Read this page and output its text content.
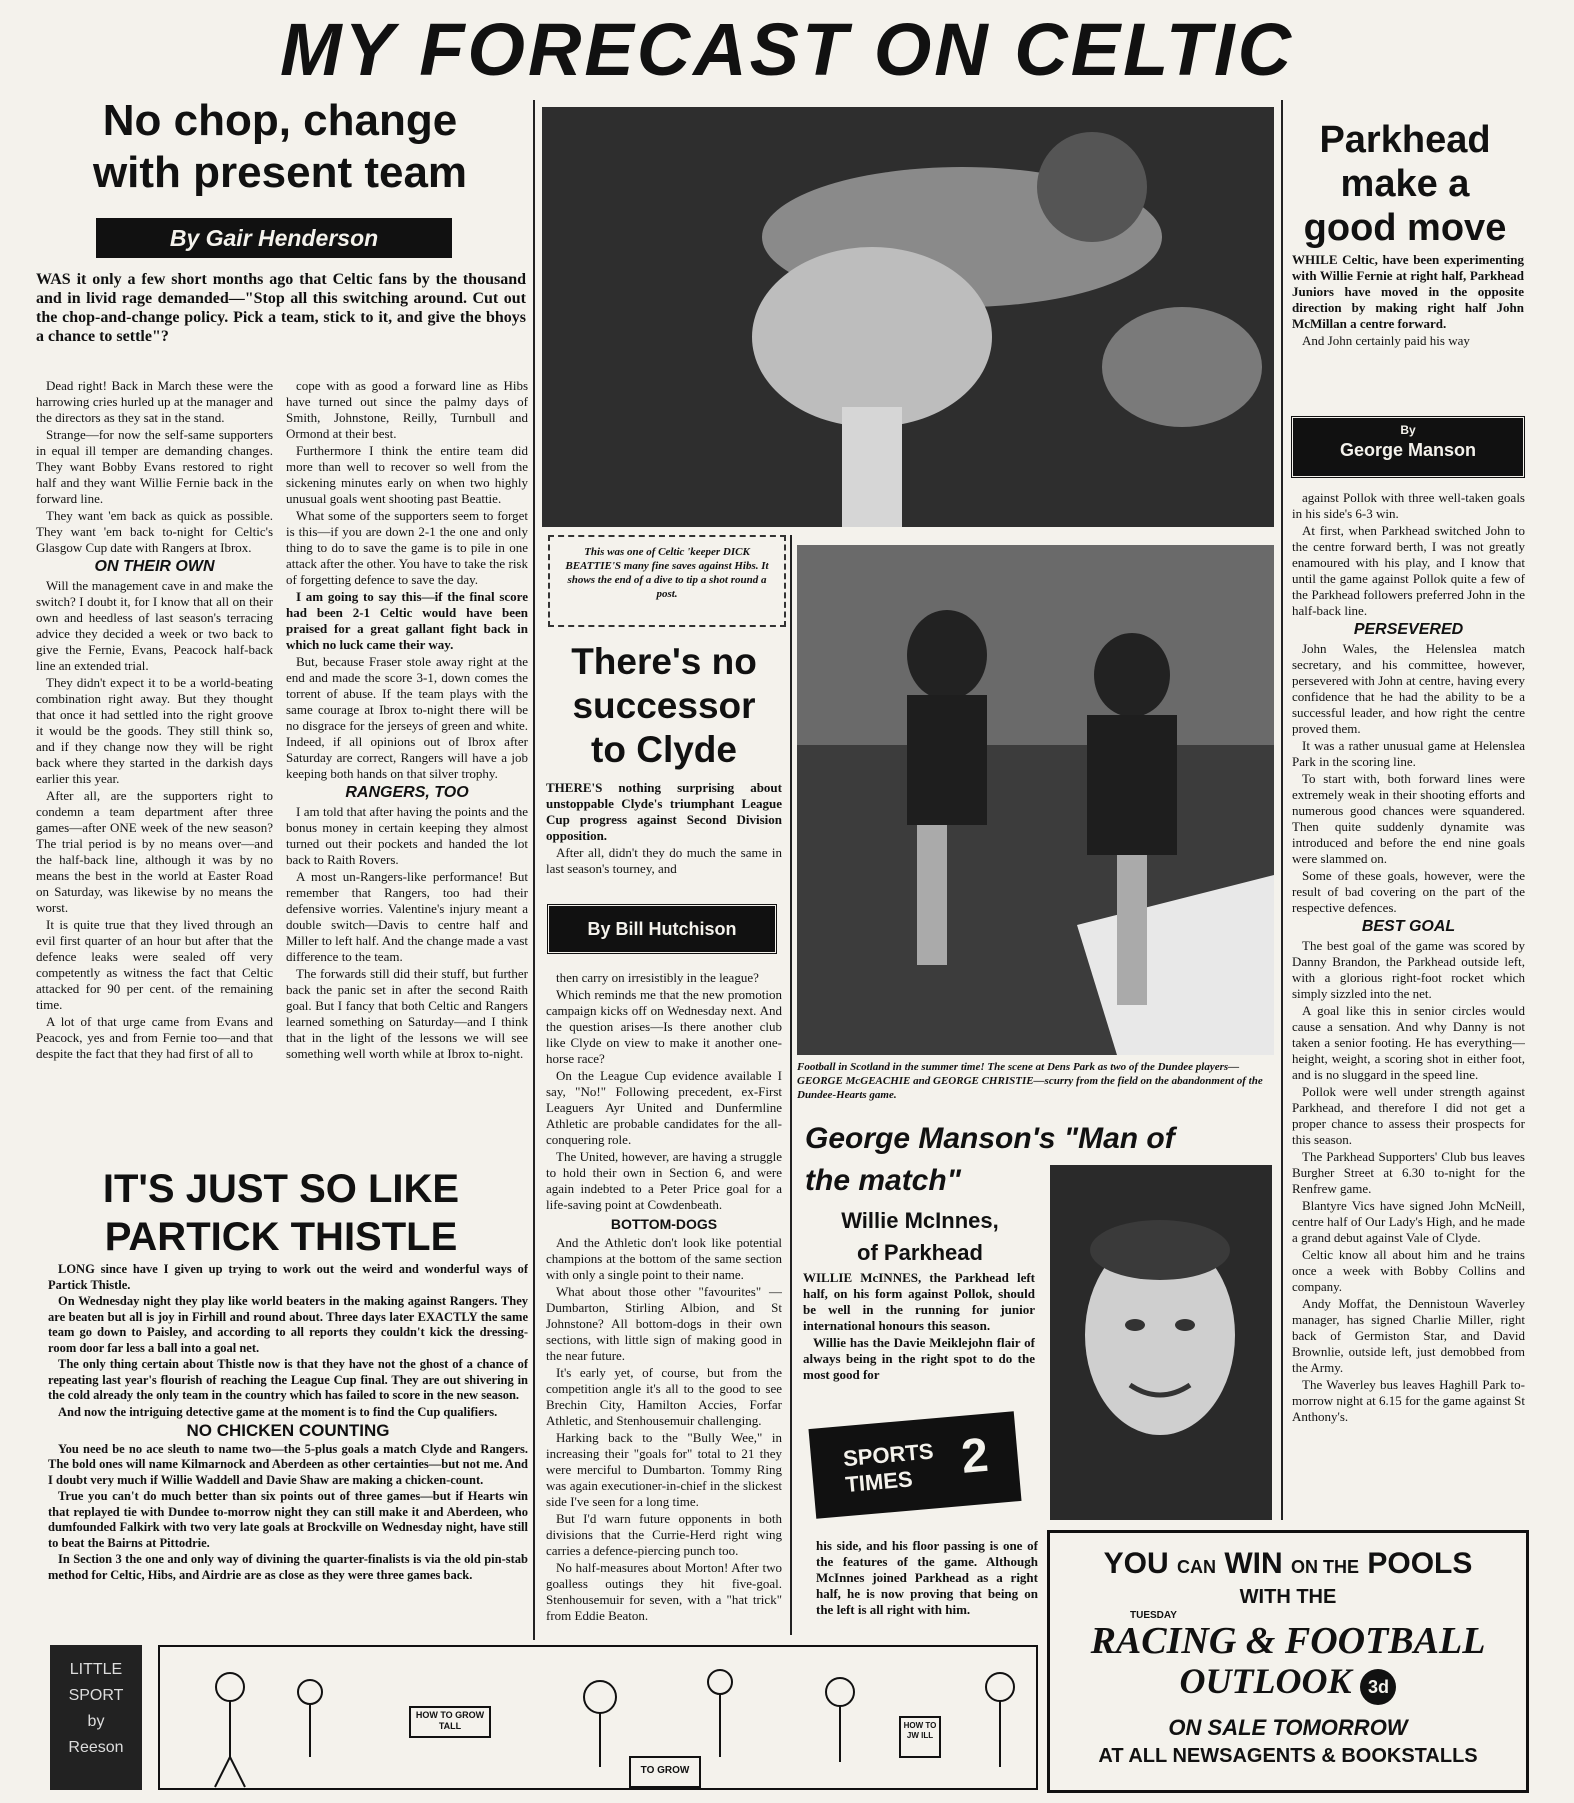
MY FORECAST ON CELTIC
No chop, change
with present team
By Gair Henderson
WAS it only a few short months ago that Celtic fans by the thousand and in livid rage demanded—"Stop all this switching around. Cut out the chop-and-change policy. Pick a team, stick to it, and give the bhoys a chance to settle"?

Dead right! Back in March these were the harrowing cries hurled up at the manager and the directors as they sat in the stand.

Strange—for now the self-same supporters in equal ill temper are demanding changes. They want Bobby Evans restored to right half and they want Willie Fernie back in the forward line.

They want 'em back as quick as possible. They want 'em back to-night for Celtic's Glasgow Cup date with Rangers at Ibrox.

ON THEIR OWN

Will the management cave in and make the switch? I doubt it, for I know that all on their own and heedless of last season's terracing advice they decided a week or two back to give the Fernie, Evans, Peacock half-back line an extended trial.

They didn't expect it to be a world-beating combination right away. But they thought that once it had settled into the right groove it would be the goods. They still think so, and if they change now they will be right back where they started in the darkish days earlier this year.

After all, are the supporters right to condemn a team department after three games—after ONE week of the new season? The trial period is by no means over—and the half-back line, although it was by no means the best in the world at Easter Road on Saturday, was likewise by no means the worst.

It is quite true that they lived through an evil first quarter of an hour but after that the defence leaks were sealed off very competently as witness the fact that Celtic attacked for 90 per cent. of the remaining time.

A lot of that urge came from Evans and Peacock, yes and from Fernie too—and that despite the fact that they had first of all to

cope with as good a forward line as Hibs have turned out since the palmy days of Smith, Johnstone, Reilly, Turnbull and Ormond at their best.

Furthermore I think the entire team did more than well to recover so well from the sickening minutes early on when two highly unusual goals went shooting past Beattie.

What some of the supporters seem to forget is this—if you are down 2-1 the one and only thing to do to save the game is to pile in one attack after the other. You have to take the risk of forgetting defence to save the day.

I am going to say this—if the final score had been 2-1 Celtic would have been praised for a great gallant fight back in which no luck came their way.

But, because Fraser stole away right at the end and made the score 3-1, down comes the torrent of abuse. If the team plays with the same courage at Ibrox to-night there will be no disgrace for the jerseys of green and white. Indeed, if all opinions out of Ibrox after Saturday are correct, Rangers will have a job keeping both hands on that silver trophy.

RANGERS, TOO

I am told that after having the points and the bonus money in certain keeping they almost turned out their pockets and handed the lot back to Raith Rovers.

A most un-Rangers-like performance! But remember that Rangers, too had their defensive worries. Valentine's injury meant a double switch—Davis to centre half and Miller to left half. And the change made a vast difference to the team.

The forwards still did their stuff, but further back the panic set in after the second Raith goal. But I fancy that both Celtic and Rangers learned something on Saturday—and I think that in the light of the lessons we will see something well worth while at Ibrox to-night.

IT'S JUST SO LIKE
PARTICK THISTLE

LONG since have I given up trying to work out the weird and wonderful ways of Partick Thistle.

On Wednesday night they play like world beaters in the making against Rangers. They are beaten but all is joy in Firhill and round about. Three days later EXACTLY the same team go down to Paisley, and according to all reports they couldn't kick the dressing-room door far less a ball into a goal net.

The only thing certain about Thistle now is that they have not the ghost of a chance of repeating last year's flourish of reaching the League Cup final. They are out shivering in the cold already the only team in the country which has failed to score in the new season.

And now the intriguing detective game at the moment is to find the Cup qualifiers.

NO CHICKEN COUNTING

You need be no ace sleuth to name two—the 5-plus goals a match Clyde and Rangers. The bold ones will name Kilmarnock and Aberdeen as other certainties—but not me. And I doubt very much if Willie Waddell and Davie Shaw are making a chicken-count.

True you can't do much better than six points out of three games—but if Hearts win that replayed tie with Dundee to-morrow night they can still make it and Aberdeen, who dumfounded Falkirk with two very late goals at Brockville on Wednesday night, have still to beat the Bairns at Pittodrie.

In Section 3 the one and only way of divining the quarter-finalists is via the old pin-stab method for Celtic, Hibs, and Airdrie are as close as they were three games back.

This was one of Celtic 'keeper DICK BEATTIE'S many fine saves against Hibs. It shows the end of a dive to tip a shot round a post.
There's no
successor
to Clyde

THERE'S nothing surprising about unstoppable Clyde's triumphant League Cup progress against Second Division opposition.

After all, didn't they do much the same in last season's tourney, and

By Bill Hutchison

then carry on irresistibly in the league?

Which reminds me that the new promotion campaign kicks off on Wednesday next. And the question arises—Is there another club like Clyde on view to make it another one-horse race?

On the League Cup evidence available I say, "No!" Following precedent, ex-First Leaguers Ayr United and Dunfermline Athletic are probable candidates for the all-conquering role.

The United, however, are having a struggle to hold their own in Section 6, and were again indebted to a Peter Price goal for a life-saving point at Cowdenbeath.

BOTTOM-DOGS

And the Athletic don't look like potential champions at the bottom of the same section with only a single point to their name.

What about those other "favourites" —Dumbarton, Stirling Albion, and St Johnstone? All bottom-dogs in their own sections, with little sign of making good in the near future.

It's early yet, of course, but from the competition angle it's all to the good to see Brechin City, Hamilton Accies, Forfar Athletic, and Stenhousemuir challenging.

Harking back to the "Bully Wee," in increasing their "goals for" total to 21 they were merciful to Dumbarton. Tommy Ring was again executioner-in-chief in the slickest side I've seen for a long time.

But I'd warn future opponents in both divisions that the Currie-Herd right wing carries a defence-piercing punch too.

No half-measures about Morton! After two goalless outings they hit five-goal. Stenhousemuir for seven, with a "hat trick" from Eddie Beaton.

Football in Scotland in the summer time! The scene at Dens Park as two of the Dundee players—GEORGE McGEACHIE and GEORGE CHRISTIE—scurry from the field on the abandonment of the Dundee-Hearts game.
George Manson's "Man of
the match"
Willie McInnes,
of Parkhead

WILLIE McINNES, the Parkhead left half, on his form against Pollok, should be well in the running for junior international honours this season.

Willie has the Davie Meiklejohn flair of always being in the right spot to do the most good for

SPORTS
TIMES 2
his side, and his floor passing is one of the features of the game. Although McInnes joined Parkhead as a right half, he is now proving that being on the left is all right with him.
Parkhead
make a
good move

WHILE Celtic, have been experimenting with Willie Fernie at right half, Parkhead Juniors have moved in the opposite direction by making right half John McMillan a centre forward.

And John certainly paid his way

By
George Manson

against Pollok with three well-taken goals in his side's 6-3 win.

At first, when Parkhead switched John to the centre forward berth, I was not greatly enamoured with his play, and I know that until the game against Pollok quite a few of the Parkhead followers preferred John in the half-back line.

PERSEVERED

John Wales, the Helenslea match secretary, and his committee, however, persevered with John at centre, having every confidence that he had the ability to be a successful leader, and how right the centre proved them.

It was a rather unusual game at Helenslea Park in the scoring line.

To start with, both forward lines were extremely weak in their shooting efforts and numerous good chances were squandered. Then quite suddenly dynamite was introduced and before the end nine goals were slammed on.

Some of these goals, however, were the result of bad covering on the part of the respective defences.

BEST GOAL

The best goal of the game was scored by Danny Brandon, the Parkhead outside left, with a glorious right-foot rocket which simply sizzled into the net.

A goal like this in senior circles would cause a sensation. And why Danny is not taken a senior footing. He has everything—height, weight, a scoring shot in either foot, and is no sluggard in the speed line.

Pollok were well under strength against Parkhead, and therefore I did not get a proper chance to assess their prospects for this season.

The Parkhead Supporters' Club bus leaves Burgher Street at 6.30 to-night for the Renfrew game.

Blantyre Vics have signed John McNeill, centre half of Our Lady's High, and he made a grand debut against Vale of Clyde.

Celtic know all about him and he trains once a week with Bobby Collins and company.

Andy Moffat, the Dennistoun Waverley manager, has signed Charlie Miller, right back of Germiston Star, and David Brownlie, outside left, just demobbed from the Army.

The Waverley bus leaves Haghill Park to-morrow night at 6.15 for the game against St Anthony's.

YOU CAN WIN ON THE POOLS
WITH THE
TUESDAY
RACING & FOOTBALL
OUTLOOK 3d
ON SALE TOMORROW
AT ALL NEWSAGENTS & BOOKSTALLS
LITTLE
SPORT
by
Reeson
HOW TO GROW TALL
TO GROW
HOW TO JW ILL
